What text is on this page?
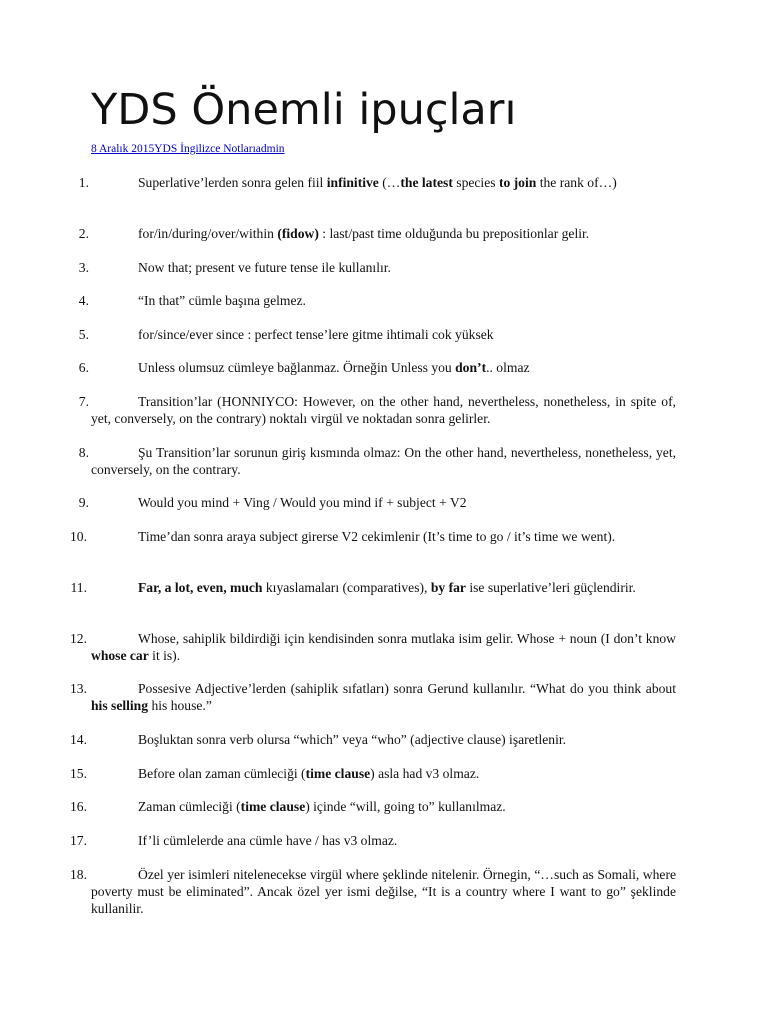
YDS Önemli ipuçları
8 Aralık 2015YDS İngilizce Notlarıadmin
1.	Superlative’lerden sonra gelen fiil infinitive (…the latest species to join the rank of…)
2.	for/in/during/over/within (fidow) : last/past time olduğunda bu prepositionlar gelir.
3.	Now that; present ve future tense ile kullanılır.
4.	“In that” cümle başına gelmez.
5.	for/since/ever since : perfect tense’lere gitme ihtimali cok yüksek
6.	Unless olumsuz cümleye bağlanmaz. Örneğin Unless you don’t.. olmaz
7.	Transition’lar (HONNIYCO: However, on the other hand, nevertheless, nonetheless, in spite of, yet, conversely, on the contrary) noktalı virgül ve noktadan sonra gelirler.
8.	Şu Transition’lar sorunun giriş kısmında olmaz: On the other hand, nevertheless, nonetheless, yet, conversely, on the contrary.
9.	Would you mind + Ving / Would you mind if + subject + V2
10.	Time’dan sonra araya subject girerse V2 cekimlenir (It’s time to go / it’s time we went).
11.	Far, a lot, even, much kıyaslamaları (comparatives), by far ise superlative’leri güçlendirir.
12.	Whose, sahiplik bildirdiği için kendisinden sonra mutlaka isim gelir. Whose + noun (I don’t know whose car it is).
13.	Possesive Adjective’lerden (sahiplik sıfatları) sonra Gerund kullanılır. “What do you think about his selling his house.”
14.	Boşluktan sonra verb olursa “which” veya “who” (adjective clause) işaretlenir.
15.	Before olan zaman cümleciği (time clause) asla had v3 olmaz.
16.	Zaman cümleciği (time clause) içinde “will, going to” kullanılmaz.
17.	If’li cümlelerde ana cümle have / has v3 olmaz.
18.	Özel yer isimleri nitelenecekse virgül where şeklinde nitelenir. Örnegin, “…such as Somali, where poverty must be eliminated”. Ancak özel yer ismi değilse, “It is a country where I want to go” şeklinde kullanilir.
